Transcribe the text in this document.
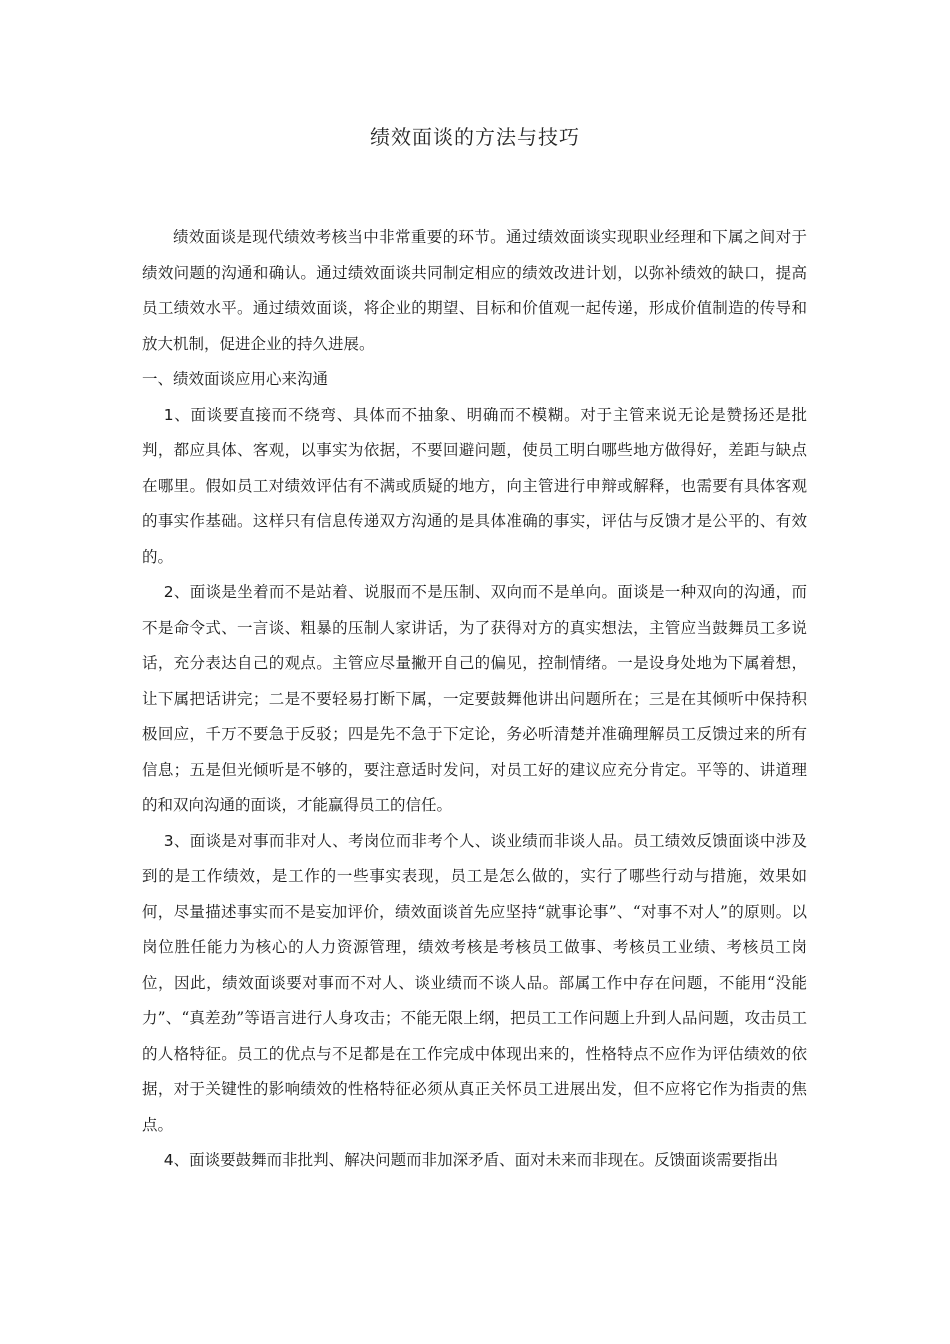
绩效面谈的方法与技巧

绩效面谈是现代绩效考核当中非常重要的环节。通过绩效面谈实现职业经理和下属之间对于绩效问题的沟通和确认。通过绩效面谈共同制定相应的绩效改进计划，以弥补绩效的缺口，提高员工绩效水平。通过绩效面谈，将企业的期望、目标和价值观一起传递，形成价值制造的传导和放大机制，促进企业的持久进展。

一、绩效面谈应用心来沟通

1、面谈要直接而不绕弯、具体而不抽象、明确而不模糊。对于主管来说无论是赞扬还是批判，都应具体、客观，以事实为依据，不要回避问题，使员工明白哪些地方做得好，差距与缺点在哪里。假如员工对绩效评估有不满或质疑的地方，向主管进行申辩或解释，也需要有具体客观的事实作基础。这样只有信息传递双方沟通的是具体准确的事实，评估与反馈才是公平的、有效的。

2、面谈是坐着而不是站着、说服而不是压制、双向而不是单向。面谈是一种双向的沟通，而不是命令式、一言谈、粗暴的压制人家讲话，为了获得对方的真实想法，主管应当鼓舞员工多说话，充分表达自己的观点。主管应尽量撇开自己的偏见，控制情绪。一是设身处地为下属着想，让下属把话讲完；二是不要轻易打断下属，一定要鼓舞他讲出问题所在；三是在其倾听中保持积极回应，千万不要急于反驳；四是先不急于下定论，务必听清楚并准确理解员工反馈过来的所有信息；五是但光倾听是不够的，要注意适时发问，对员工好的建议应充分肯定。平等的、讲道理的和双向沟通的面谈，才能赢得员工的信任。

3、面谈是对事而非对人、考岗位而非考个人、谈业绩而非谈人品。员工绩效反馈面谈中涉及到的是工作绩效，是工作的一些事实表现，员工是怎么做的，实行了哪些行动与措施，效果如何，尽量描述事实而不是妄加评价，绩效面谈首先应坚持“就事论事”、“对事不对人”的原则。以岗位胜任能力为核心的人力资源管理，绩效考核是考核员工做事、考核员工业绩、考核员工岗位，因此，绩效面谈要对事而不对人、谈业绩而不谈人品。部属工作中存在问题，不能用“没能力”、“真差劲”等语言进行人身攻击；不能无限上纲，把员工工作问题上升到人品问题，攻击员工的人格特征。员工的优点与不足都是在工作完成中体现出来的，性格特点不应作为评估绩效的依据，对于关键性的影响绩效的性格特征必须从真正关怀员工进展出发，但不应将它作为指责的焦点。

4、面谈要鼓舞而非批判、解决问题而非加深矛盾、面对未来而非现在。反馈面谈需要指出
